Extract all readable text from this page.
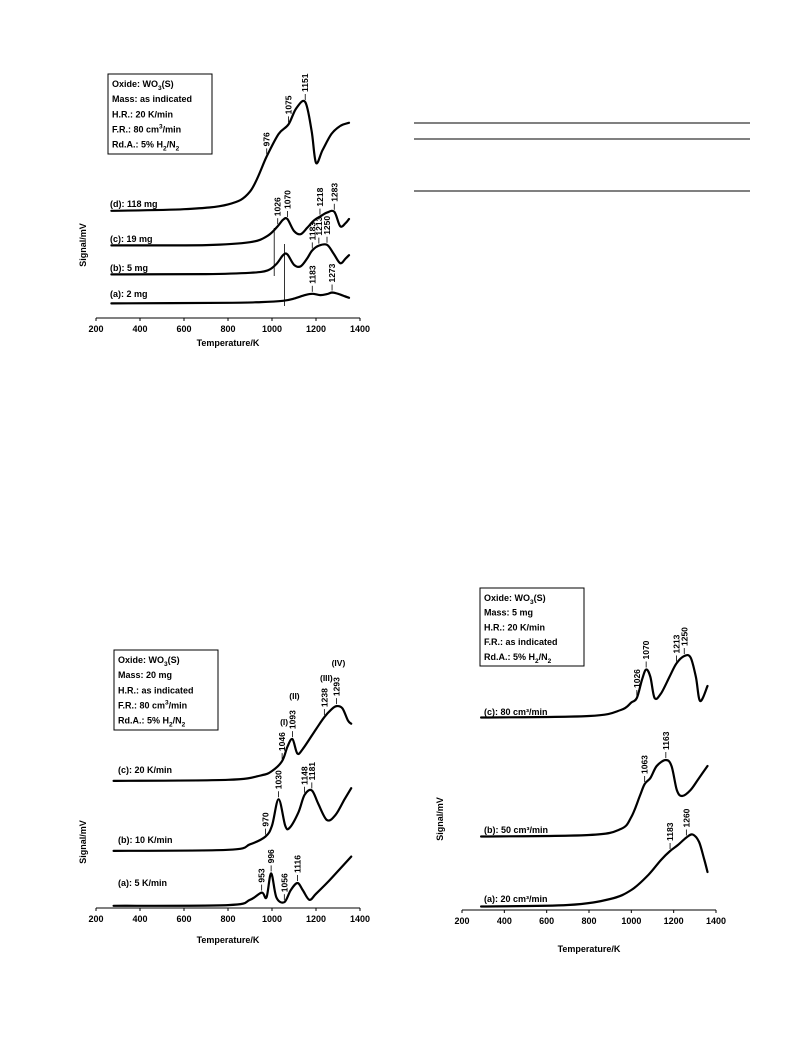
200	400	600	800	1000	1200	1400
Temperature/K
Signal/mV
Oxide: $WO_3(S)$
Mass: as indicated
H.R.: 20 K/min
F.R.: 80 $cm^3/\min$
Rd.A.: 5% $H_2/N_2$
(a): 2 mg
1183 1273
(b): 5 mg
1183
1213
1250
(c): 19 mg
1026 1070	1218 1283
(d): 118 mg
976
1075
1151
200	400	600	800	1000	1200	1400
Temperature/K
Signal/mV
Oxide: $WO_3(S)$
Mass: 20 mg
H.R.: as indicated
F.R.: 80 $cm^3/\min$
Rd.A.: 5% $H_2/N_2$
(a): 5 K/min
953
996
1056
1116
(b): 10 K/min
970
1030 1148
1181
(c): 20 K/min
1046
1093
1238
1293
(I)
(II)
(III)
(IV)
200	400	600	800	1000 1200 1400
Temperature/K
Signal/mV
Oxide: $WO_3(S)$
Mass: 5 mg
H.R.: 20 K/min
F.R.: as indicated
Rd.A.: 5% $H_2/N_2$
(a): 20 cm³/min
1183
1260
(b): 50 cm³/min
1063
1163
(c): 80 cm³/min
1026
1070 1213
1250
